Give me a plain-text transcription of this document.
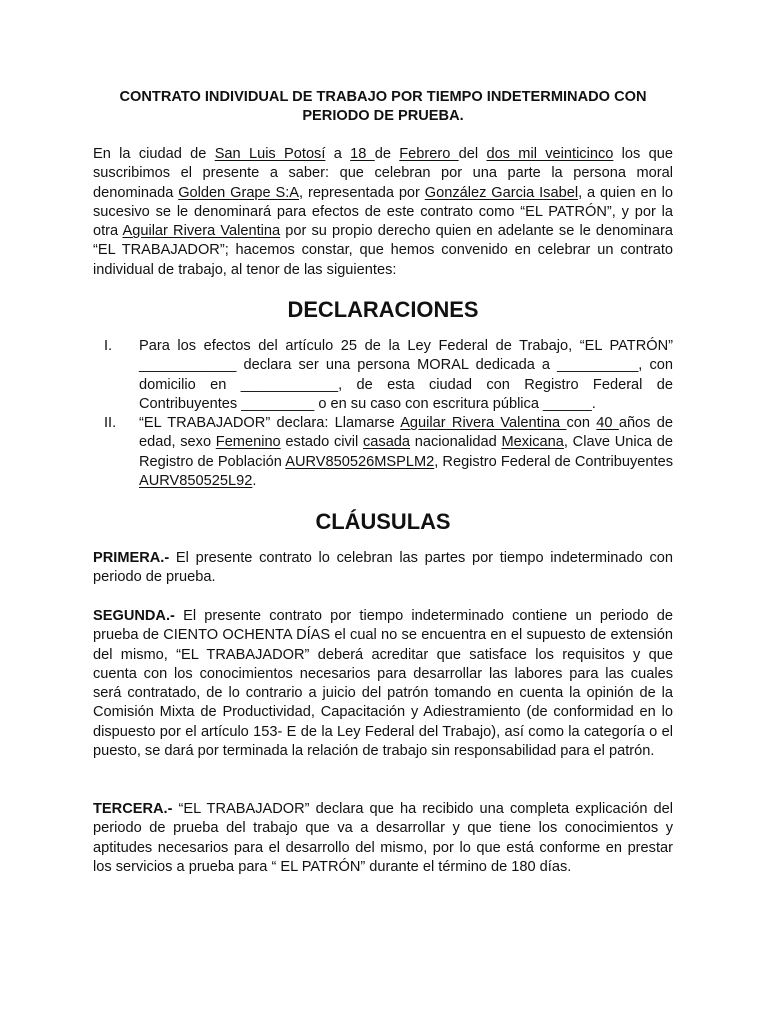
CONTRATO INDIVIDUAL DE TRABAJO POR TIEMPO INDETERMINADO CON PERIODO DE PRUEBA.

En la ciudad de San Luis Potosí a 18 de Febrero del dos mil veinticinco los que suscribimos el presente a saber: que celebran por una parte la persona moral denominada Golden Grape S:A, representada por González Garcia Isabel, a quien en lo sucesivo se le denominará para efectos de este contrato como “EL PATRÓN”, y por la otra Aguilar Rivera Valentina por su propio derecho quien en adelante se le denominara “EL TRABAJADOR”; hacemos constar, que hemos convenido en celebrar un contrato individual de trabajo, al tenor de las siguientes:

DECLARACIONES
I. Para los efectos del artículo 25 de la Ley Federal de Trabajo, “EL PATRÓN” ____________ declara ser una persona MORAL dedicada a __________, con domicilio en ____________, de esta ciudad con Registro Federal de Contribuyentes _________ o en su caso con escritura pública ______.
II. “EL TRABAJADOR” declara: Llamarse Aguilar Rivera Valentina con 40 años de edad, sexo Femenino estado civil casada nacionalidad Mexicana, Clave Unica de Registro de Población AURV850526MSPLM2, Registro Federal de Contribuyentes AURV850525L92.
CLÁUSULAS

PRIMERA.- El presente contrato lo celebran las partes por tiempo indeterminado con periodo de prueba.

SEGUNDA.- El presente contrato por tiempo indeterminado contiene un periodo de prueba de CIENTO OCHENTA DÍAS el cual no se encuentra en el supuesto de extensión del mismo, “EL TRABAJADOR” deberá acreditar que satisface los requisitos y que cuenta con los conocimientos necesarios para desarrollar las labores para las cuales será contratado, de lo contrario a juicio del patrón tomando en cuenta la opinión de la Comisión Mixta de Productividad, Capacitación y Adiestramiento (de conformidad en lo dispuesto por el artículo 153- E de la Ley Federal del Trabajo), así como la categoría o el puesto, se dará por terminada la relación de trabajo sin responsabilidad para el patrón.

TERCERA.- “EL TRABAJADOR” declara que ha recibido una completa explicación del periodo de prueba del trabajo que va a desarrollar y que tiene los conocimientos y aptitudes necesarios para el desarrollo del mismo, por lo que está conforme en prestar los servicios a prueba para “ EL PATRÓN” durante el término de 180 días.
